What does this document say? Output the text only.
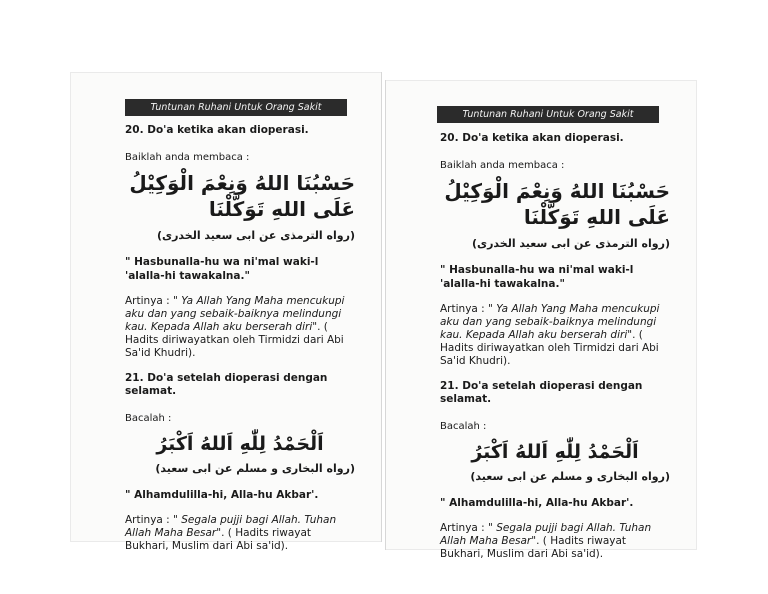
Tuntunan Ruhani Untuk Orang Sakit
20. Do'a ketika akan dioperasi.
Baiklah anda membaca :
حَسْبُنَا اللهُ وَنِعْمَ الْوَكِيْلُ عَلَى اللهِ تَوَكَّلْنَا
(رواه الترمذى عن ابى سعيد الخدرى)
" Hasbunalla-hu wa ni'mal waki-l 'alalla-hi tawakalna."
Artinya : " Ya Allah Yang Maha mencukupi aku dan yang sebaik-baiknya melindungi kau. Kepada Allah aku berserah diri". ( Hadits diriwayatkan oleh Tirmidzi dari Abi Sa'id Khudri).
21. Do'a setelah dioperasi dengan selamat.
Bacalah :
اَلْحَمْدُ لِلّٰهِ اَللهُ اَكْبَرُ
(رواه البخارى و مسلم عن ابى سعيد)
" Alhamdulilla-hi, Alla-hu Akbar'.
Artinya : " Segala pujji bagi Allah. Tuhan Allah Maha Besar". ( Hadits riwayat Bukhari, Muslim dari Abi sa'id).
Tuntunan Ruhani Untuk Orang Sakit
20. Do'a ketika akan dioperasi.
Baiklah anda membaca :
حَسْبُنَا اللهُ وَنِعْمَ الْوَكِيْلُ عَلَى اللهِ تَوَكَّلْنَا
(رواه الترمذى عن ابى سعيد الخدرى)
" Hasbunalla-hu wa ni'mal waki-l 'alalla-hi tawakalna."
Artinya : " Ya Allah Yang Maha mencukupi aku dan yang sebaik-baiknya melindungi kau. Kepada Allah aku berserah diri". ( Hadits diriwayatkan oleh Tirmidzi dari Abi Sa'id Khudri).
21. Do'a setelah dioperasi dengan selamat.
Bacalah :
اَلْحَمْدُ لِلّٰهِ اَللهُ اَكْبَرُ
(رواه البخارى و مسلم عن ابى سعيد)
" Alhamdulilla-hi, Alla-hu Akbar'.
Artinya : " Segala pujji bagi Allah. Tuhan Allah Maha Besar". ( Hadits riwayat Bukhari, Muslim dari Abi sa'id).
